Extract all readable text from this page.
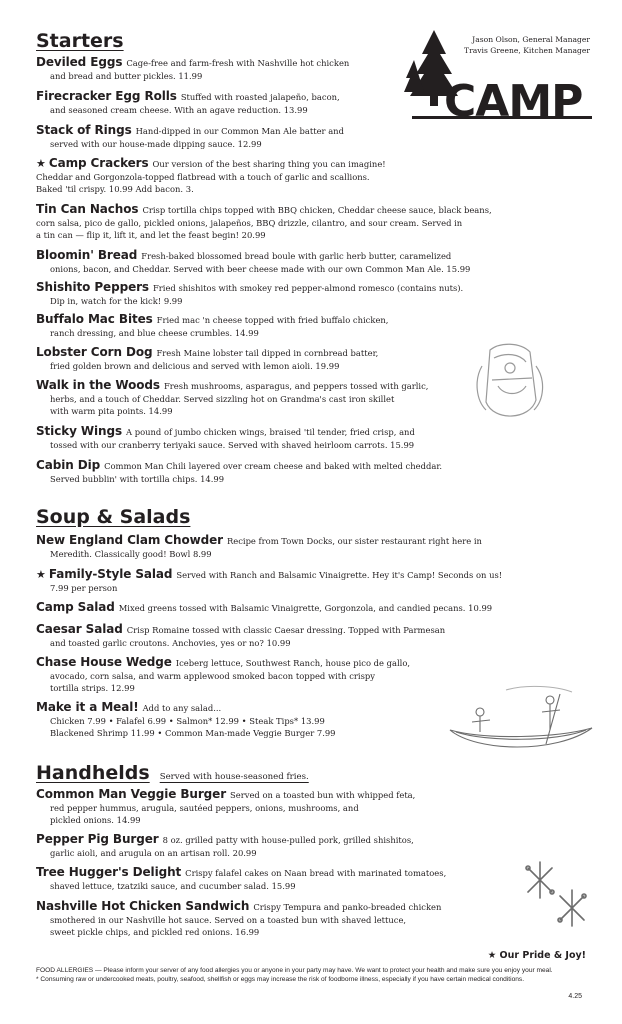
Jason Olson, General Manager
Travis Greene, Kitchen Manager
CAMP
Starters
Deviled Eggs Cage-free and farm-fresh with Nashville hot chicken
and bread and butter pickles. 11.99
Firecracker Egg Rolls Stuffed with roasted jalapeño, bacon,
and seasoned cream cheese. With an agave reduction. 13.99
Stack of Rings Hand-dipped in our Common Man Ale batter and
served with our house-made dipping sauce. 12.99
★ Camp Crackers Our version of the best sharing thing you can imagine!
Cheddar and Gorgonzola-topped flatbread with a touch of garlic and scallions.
Baked 'til crispy. 10.99 Add bacon. 3.
Tin Can Nachos Crisp tortilla chips topped with BBQ chicken, Cheddar cheese sauce, black beans,
corn salsa, pico de gallo, pickled onions, jalapeños, BBQ drizzle, cilantro, and sour cream. Served in
a tin can — flip it, lift it, and let the feast begin! 20.99
Bloomin' Bread Fresh-baked blossomed bread boule with garlic herb butter, caramelized
onions, bacon, and Cheddar. Served with beer cheese made with our own Common Man Ale. 15.99
Shishito Peppers Fried shishitos with smokey red pepper-almond romesco (contains nuts).
Dip in, watch for the kick! 9.99
Buffalo Mac Bites Fried mac 'n cheese topped with fried buffalo chicken,
ranch dressing, and blue cheese crumbles. 14.99
Lobster Corn Dog Fresh Maine lobster tail dipped in cornbread batter,
fried golden brown and delicious and served with lemon aioli. 19.99
Walk in the Woods Fresh mushrooms, asparagus, and peppers tossed with garlic,
herbs, and a touch of Cheddar. Served sizzling hot on Grandma's cast iron skillet
with warm pita points. 14.99
Sticky Wings A pound of jumbo chicken wings, braised 'til tender, fried crisp, and
tossed with our cranberry teriyaki sauce. Served with shaved heirloom carrots. 15.99
Cabin Dip Common Man Chili layered over cream cheese and baked with melted cheddar.
Served bubblin' with tortilla chips. 14.99
Soup & Salads
New England Clam Chowder Recipe from Town Docks, our sister restaurant right here in
Meredith. Classically good! Bowl 8.99
★ Family-Style Salad Served with Ranch and Balsamic Vinaigrette. Hey it's Camp! Seconds on us!
7.99 per person
Camp Salad Mixed greens tossed with Balsamic Vinaigrette, Gorgonzola, and candied pecans. 10.99
Caesar Salad Crisp Romaine tossed with classic Caesar dressing. Topped with Parmesan
and toasted garlic croutons. Anchovies, yes or no? 10.99
Chase House Wedge Iceberg lettuce, Southwest Ranch, house pico de gallo,
avocado, corn salsa, and warm applewood smoked bacon topped with crispy
tortilla strips. 12.99
Make it a Meal! Add to any salad...
Chicken 7.99 • Falafel 6.99 • Salmon* 12.99 • Steak Tips* 13.99
Blackened Shrimp 11.99 • Common Man-made Veggie Burger 7.99
Handhelds Served with house-seasoned fries.
Common Man Veggie Burger Served on a toasted bun with whipped feta,
red pepper hummus, arugula, sautéed peppers, onions, mushrooms, and
pickled onions. 14.99
Pepper Pig Burger 8 oz. grilled patty with house-pulled pork, grilled shishitos,
garlic aioli, and arugula on an artisan roll. 20.99
Tree Hugger's Delight Crispy falafel cakes on Naan bread with marinated tomatoes,
shaved lettuce, tzatziki sauce, and cucumber salad. 15.99
Nashville Hot Chicken Sandwich Crispy Tempura and panko-breaded chicken
smothered in our Nashville hot sauce. Served on a toasted bun with shaved lettuce,
sweet pickle chips, and pickled red onions. 16.99
★ Our Pride & Joy!
FOOD ALLERGIES — Please inform your server of any food allergies you or anyone in your party may have. We want to protect your health and make sure you enjoy your meal.
* Consuming raw or undercooked meats, poultry, seafood, shellfish or eggs may increase the risk of foodborne illness, especially if you have certain medical conditions.
4.25
